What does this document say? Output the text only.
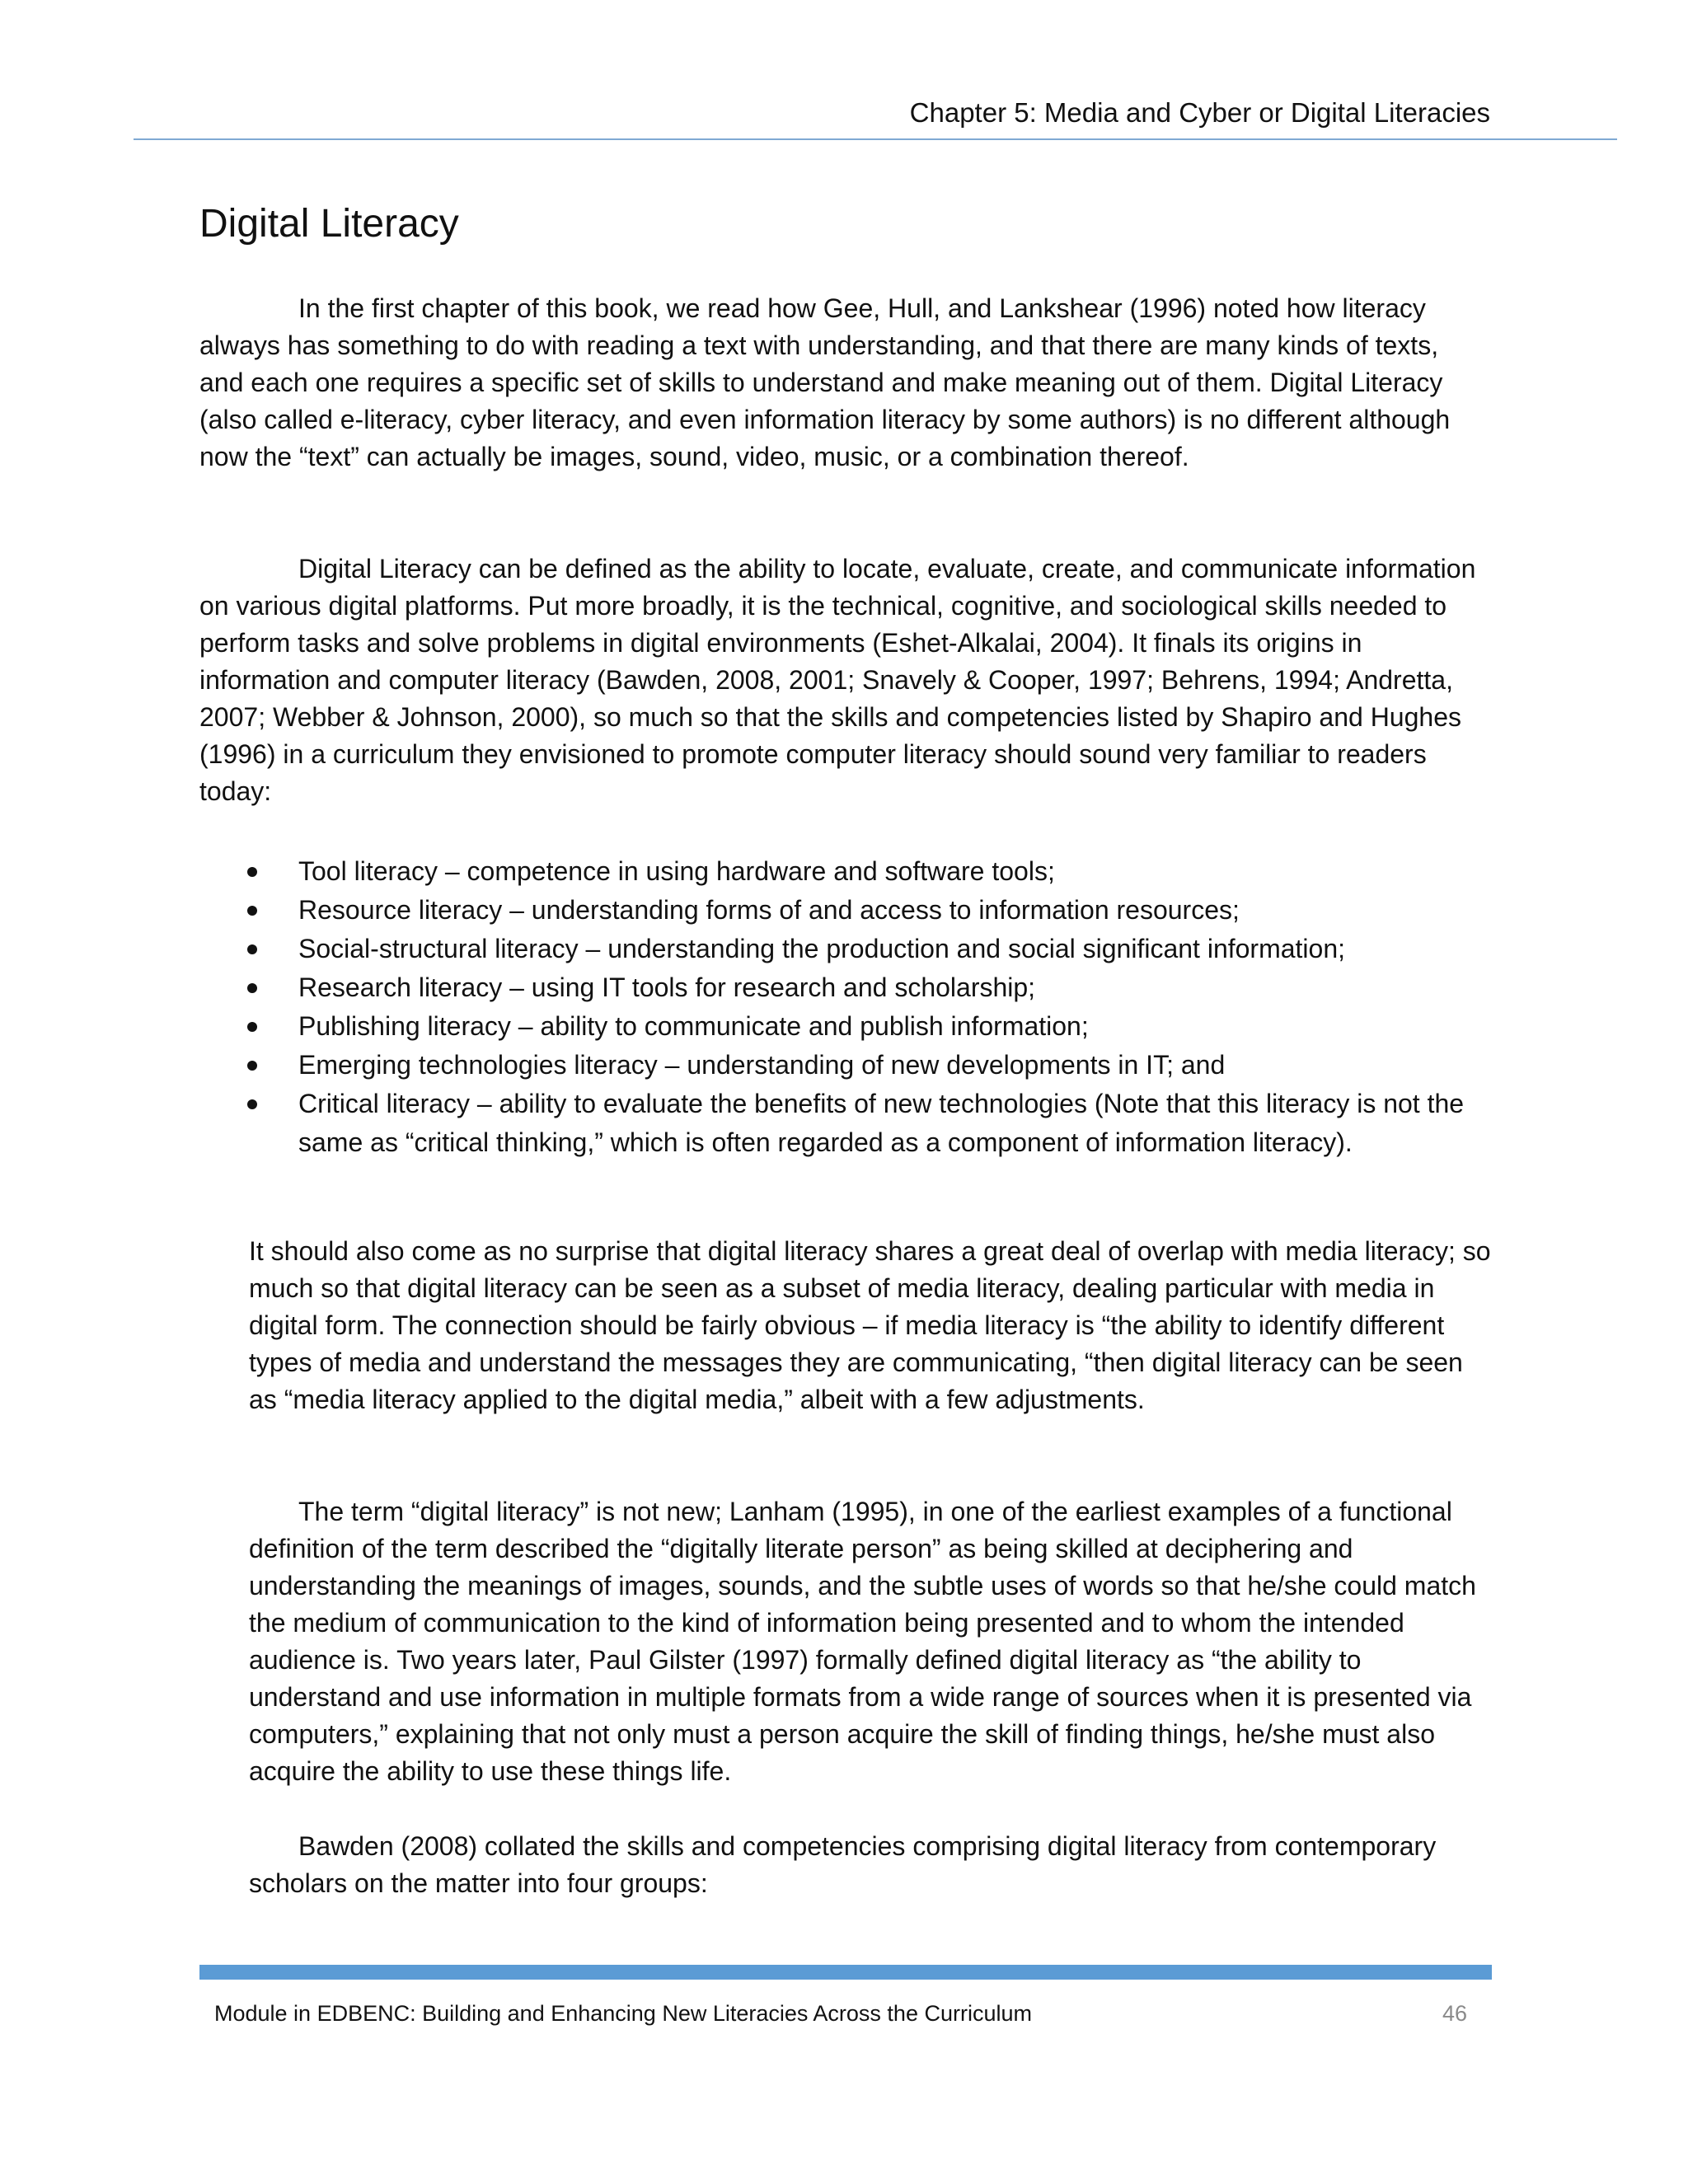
Chapter 5: Media and Cyber or Digital Literacies
Digital Literacy

In the first chapter of this book, we read how Gee, Hull, and Lankshear (1996) noted how literacy always has something to do with reading a text with understanding, and that there are many kinds of texts, and each one requires a specific set of skills to understand and make meaning out of them. Digital Literacy (also called e-literacy, cyber literacy, and even information literacy by some authors) is no different although now the “text” can actually be images, sound, video, music, or a combination thereof.

Digital Literacy can be defined as the ability to locate, evaluate, create, and communicate information on various digital platforms. Put more broadly, it is the technical, cognitive, and sociological skills needed to perform tasks and solve problems in digital environments (Eshet-Alkalai, 2004). It finals its origins in information and computer literacy (Bawden, 2008, 2001; Snavely & Cooper, 1997; Behrens, 1994; Andretta, 2007; Webber & Johnson, 2000), so much so that the skills and competencies listed by Shapiro and Hughes (1996) in a curriculum they envisioned to promote computer literacy should sound very familiar to readers today:

Tool literacy – competence in using hardware and software tools;
Resource literacy – understanding forms of and access to information resources;
Social-structural literacy – understanding the production and social significant information;
Research literacy – using IT tools for research and scholarship;
Publishing literacy – ability to communicate and publish information;
Emerging technologies literacy – understanding of new developments in IT; and
Critical literacy – ability to evaluate the benefits of new technologies (Note that this literacy is not the same as “critical thinking,” which is often regarded as a component of information literacy).

It should also come as no surprise that digital literacy shares a great deal of overlap with media literacy; so much so that digital literacy can be seen as a subset of media literacy, dealing particular with media in digital form. The connection should be fairly obvious – if media literacy is “the ability to identify different types of media and understand the messages they are communicating, “then digital literacy can be seen as “media literacy applied to the digital media,” albeit with a few adjustments.

The term “digital literacy” is not new; Lanham (1995), in one of the earliest examples of a functional definition of the term described the “digitally literate person” as being skilled at deciphering and understanding the meanings of images, sounds, and the subtle uses of words so that he/she could match the medium of communication to the kind of information being presented and to whom the intended audience is. Two years later, Paul Gilster (1997) formally defined digital literacy as “the ability to understand and use information in multiple formats from a wide range of sources when it is presented via computers,” explaining that not only must a person acquire the skill of finding things, he/she must also acquire the ability to use these things life.

Bawden (2008) collated the skills and competencies comprising digital literacy from contemporary scholars on the matter into four groups:

Module in EDBENC: Building and Enhancing New Literacies Across the Curriculum	46
